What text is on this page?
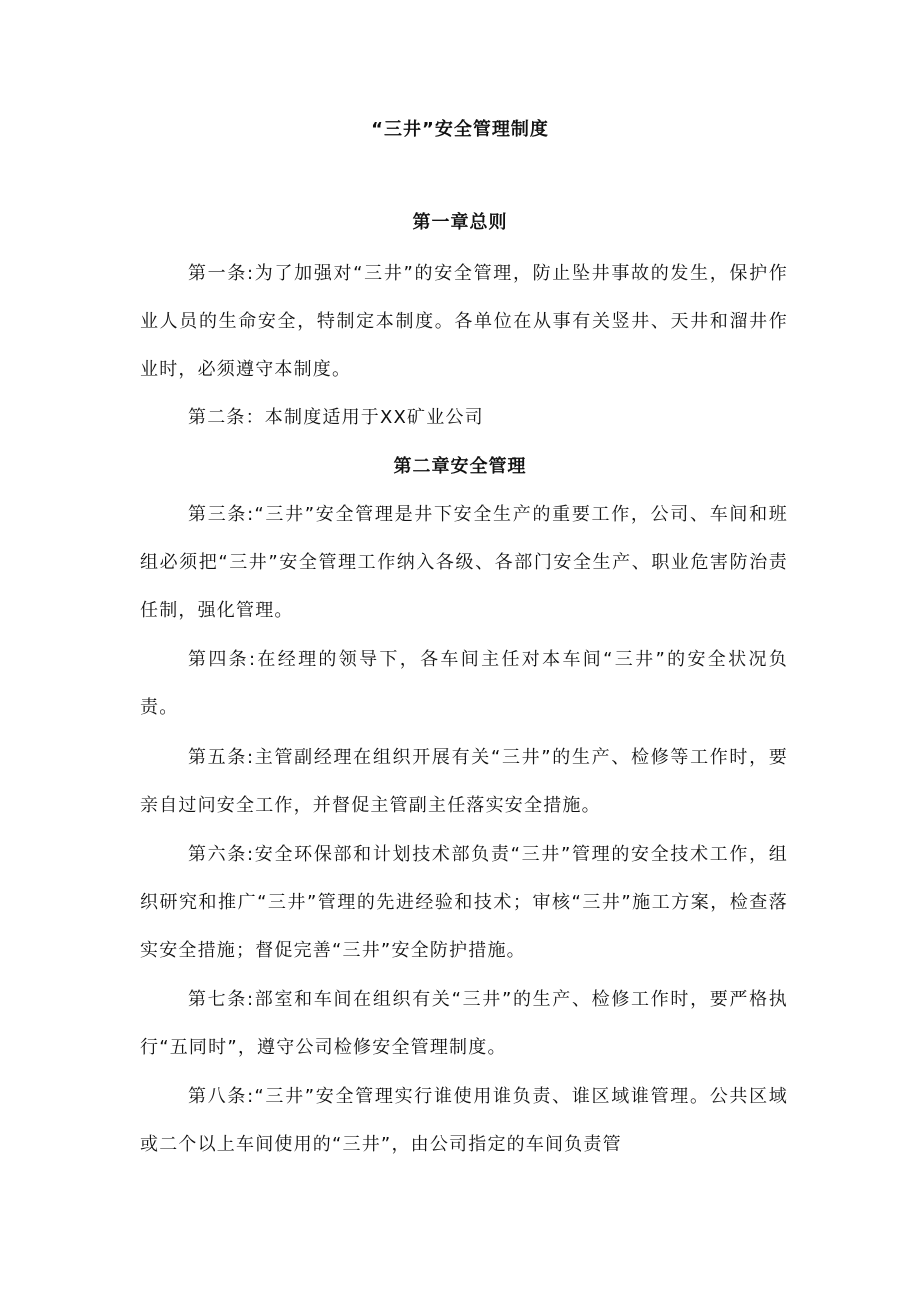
“三井”安全管理制度
第一章总则

第一条:为了加强对“三井”的安全管理，防止坠井事故的发生，保护作业人员的生命安全，特制定本制度。各单位在从事有关竖井、天井和溜井作业时，必须遵守本制度。

第二条：本制度适用于XX矿业公司

第二章安全管理

第三条:“三井”安全管理是井下安全生产的重要工作，公司、车间和班组必须把“三井”安全管理工作纳入各级、各部门安全生产、职业危害防治责任制，强化管理。

第四条:在经理的领导下，各车间主任对本车间“三井”的安全状况负责。

第五条:主管副经理在组织开展有关“三井”的生产、检修等工作时，要亲自过问安全工作，并督促主管副主任落实安全措施。

第六条:安全环保部和计划技术部负责“三井”管理的安全技术工作，组织研究和推广“三井”管理的先进经验和技术；审核“三井”施工方案，检查落实安全措施；督促完善“三井”安全防护措施。

第七条:部室和车间在组织有关“三井”的生产、检修工作时，要严格执行“五同时”，遵守公司检修安全管理制度。

第八条:“三井”安全管理实行谁使用谁负责、谁区域谁管理。公共区域或二个以上车间使用的“三井”，由公司指定的车间负责管
